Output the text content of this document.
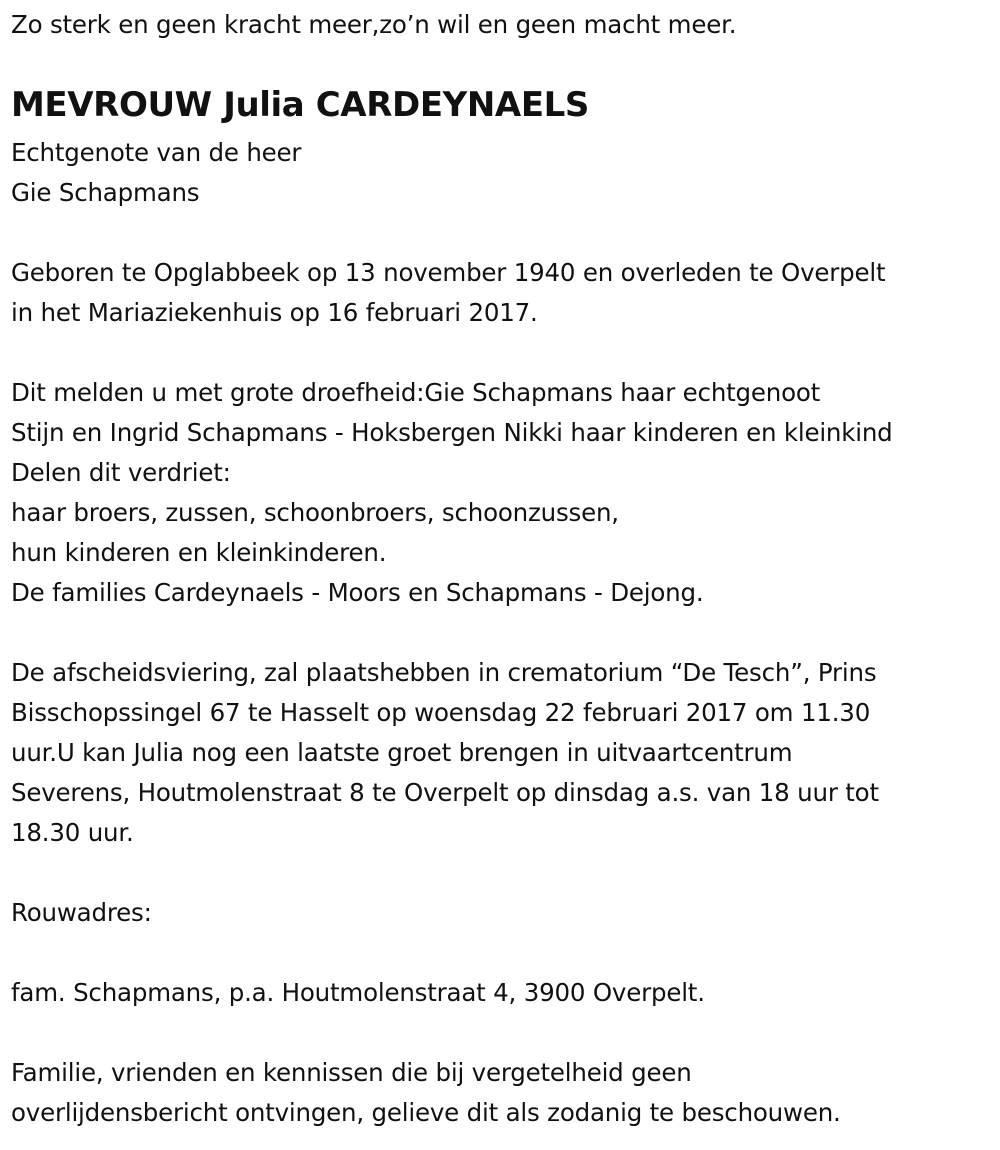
Zo sterk en geen kracht meer,zo’n wil en geen macht meer.
MEVROUW Julia CARDEYNAELS
Echtgenote van de heer
Gie Schapmans
Geboren te Opglabbeek op 13 november 1940 en overleden te Overpelt
in het Mariaziekenhuis op 16 februari 2017.
Dit melden u met grote droefheid:Gie Schapmans haar echtgenoot
Stijn en Ingrid Schapmans - Hoksbergen Nikki haar kinderen en kleinkind
Delen dit verdriet:
haar broers, zussen, schoonbroers, schoonzussen,
hun kinderen en kleinkinderen.
De families Cardeynaels - Moors en Schapmans - Dejong.
De afscheidsviering, zal plaatshebben in crematorium “De Tesch”, Prins
Bisschopssingel 67 te Hasselt op woensdag 22 februari 2017 om 11.30
uur.U kan Julia nog een laatste groet brengen in uitvaartcentrum
Severens, Houtmolenstraat 8 te Overpelt op dinsdag a.s. van 18 uur tot
18.30 uur.
Rouwadres:
fam. Schapmans, p.a. Houtmolenstraat 4, 3900 Overpelt.
Familie, vrienden en kennissen die bij vergetelheid geen
overlijdensbericht ontvingen, gelieve dit als zodanig te beschouwen.
